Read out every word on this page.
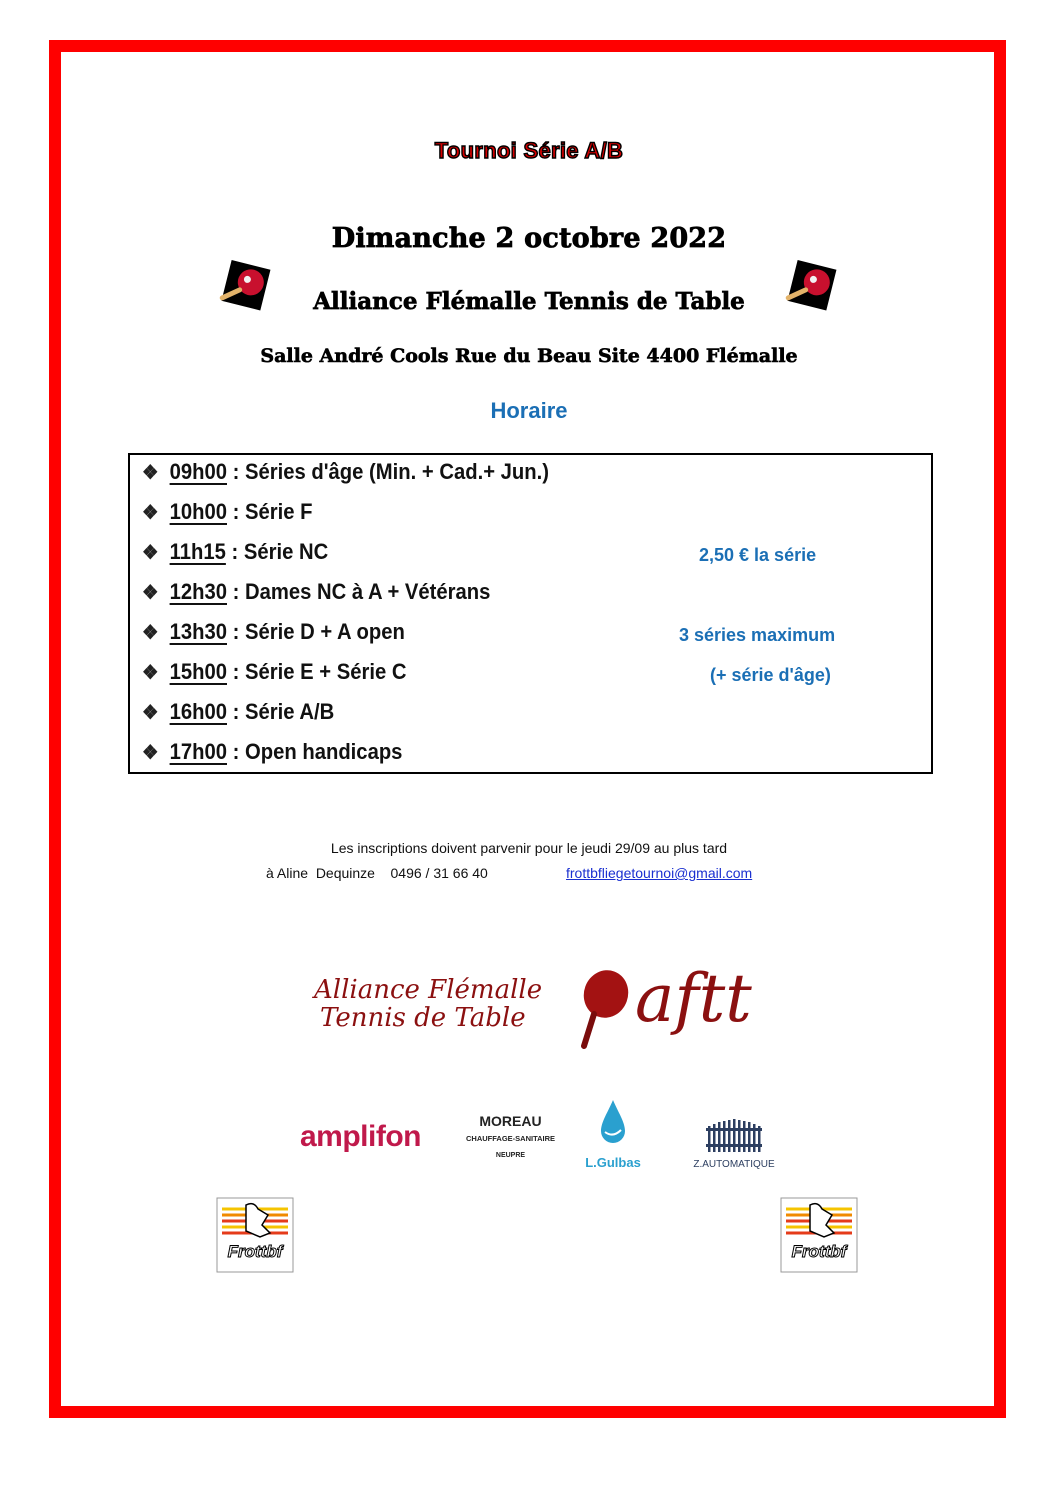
Tournoi Série A/B
Dimanche 2 octobre 2022
Alliance Flémalle Tennis de Table
Salle André Cools Rue du Beau Site 4400 Flémalle
Horaire
❖ 09h00 : Séries d'âge (Min. + Cad.+ Jun.)
❖ 10h00 : Série F
❖ 11h15 : Série NC
❖ 12h30 : Dames NC à A + Vétérans
❖ 13h30 : Série D + A open
❖ 15h00 : Série E + Série C
❖ 16h00 : Série A/B
❖ 17h00 : Open handicaps
2,50 € la série
3 séries maximum
(+ série d'âge)
Les inscriptions doivent parvenir pour le jeudi 29/09 au plus tard
à Aline  Dequinze    0496 / 31 66 40	frottbfliegetournoi@gmail.com
Alliance Flémalle
Tennis de Table aftt
amplifon	MOREAU
CHAUFFAGE-SANITAIRE
NEUPRE	L.Gulbas	Z.AUTOMATIQUE
Frottbf	Frottbf
